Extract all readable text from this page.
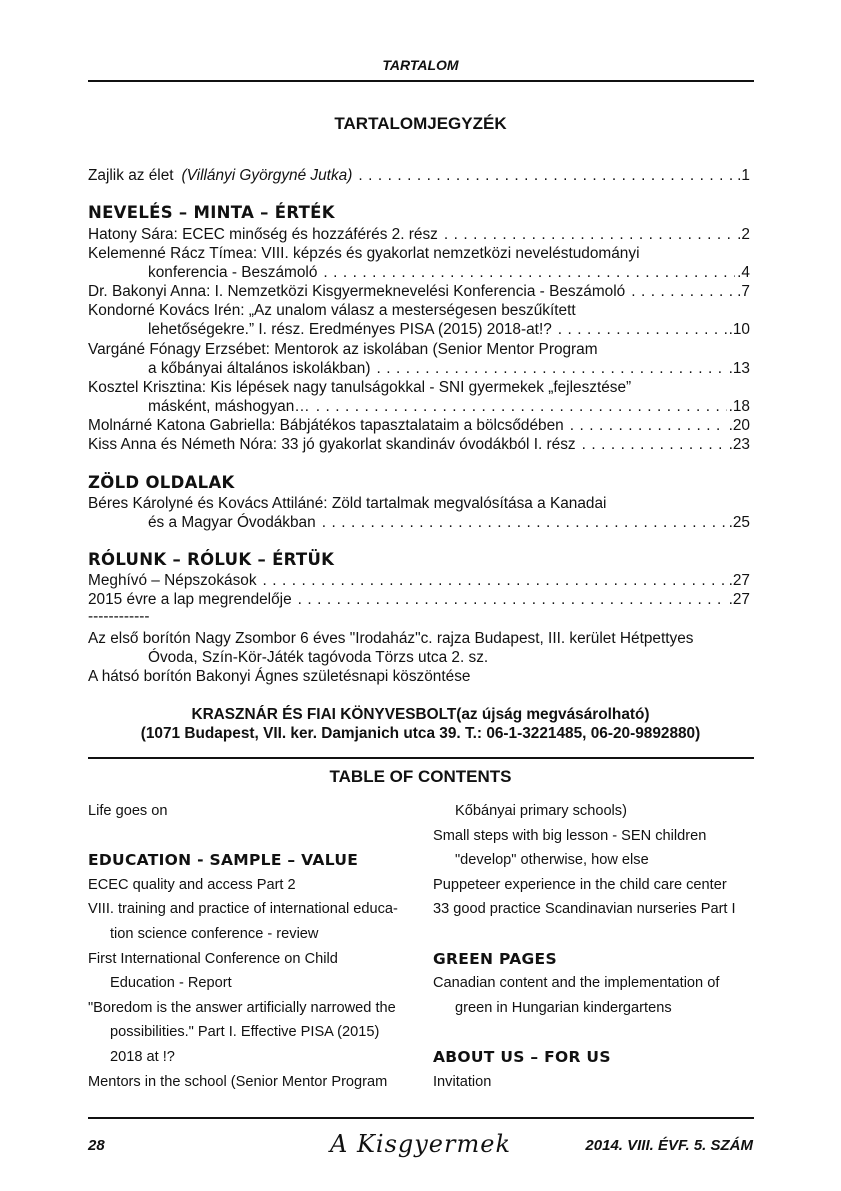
TARTALOM
TARTALOMJEGYZÉK
Zajlik az élet (Villányi Györgyné Jutka) . . .	.1
NEVELÉS – MINTA – ÉRTÉK
Hatony Sára: ECEC minőség és hozzáférés 2. rész . . .	.2
Kelemenné Rácz Tímea: VIII. képzés és gyakorlat nemzetközi neveléstudományi
konferencia - Beszámoló . . .	.4
Dr. Bakonyi Anna: I. Nemzetközi Kisgyermeknevelési Konferencia - Beszámoló . . .	.7
Kondorné Kovács Irén: „Az unalom válasz a mesterségesen beszűkített
lehetőségekre.” I. rész. Eredményes PISA (2015) 2018-at!? . . .	.10
Vargáné Fónagy Erzsébet: Mentorok az iskolában (Senior Mentor Program
a kőbányai általános iskolákban) . . .	.13
Kosztel Krisztina: Kis lépések nagy tanulságokkal - SNI gyermekek „fejlesztése”
másként, máshogyan… . . .	.18
Molnárné Katona Gabriella: Bábjátékos tapasztalataim a bölcsődében . . .	.20
Kiss Anna és Németh Nóra: 33 jó gyakorlat skandináv óvodákból I. rész . . .	.23
ZÖLD OLDALAK
Béres Károlyné és Kovács Attiláné: Zöld tartalmak megvalósítása a Kanadai
és a Magyar Óvodákban . . .	.25
RÓLUNK – RÓLUK – ÉRTÜK
Meghívó – Népszokások . . .	.27
2015 évre a lap megrendelője . . .	.27
------------
Az első borítón Nagy Zsombor 6 éves "Irodaház"c. rajza Budapest, III. kerület Hétpettyes
Óvoda, Szín-Kör-Játék tagóvoda Törzs utca 2. sz.
A hátsó borítón Bakonyi Ágnes születésnapi köszöntése
KRASZNÁR ÉS FIAI KÖNYVESBOLT(az újság megvásárolható)
(1071 Budapest, VII. ker. Damjanich utca 39. T.: 06-1-3221485, 06-20-9892880)
TABLE OF CONTENTS
Life goes on
EDUCATION - SAMPLE – VALUE
ECEC quality and access Part 2
VIII. training and practice of international educa-
tion science conference - review
First International Conference on Child
Education - Report
"Boredom is the answer artificially narrowed the
possibilities." Part I. Effective PISA (2015)
2018 at !?
Mentors in the school (Senior Mentor Program
Kőbányai primary schools)
Small steps with big lesson - SEN children
"develop" otherwise, how else
Puppeteer experience in the child care center
33 good practice Scandinavian nurseries Part I
GREEN PAGES
Canadian content and the implementation of
green in Hungarian kindergartens
ABOUT US – FOR US
Invitation
28	A Kisgyermek	2014. VIII. ÉVF. 5. SZÁM
